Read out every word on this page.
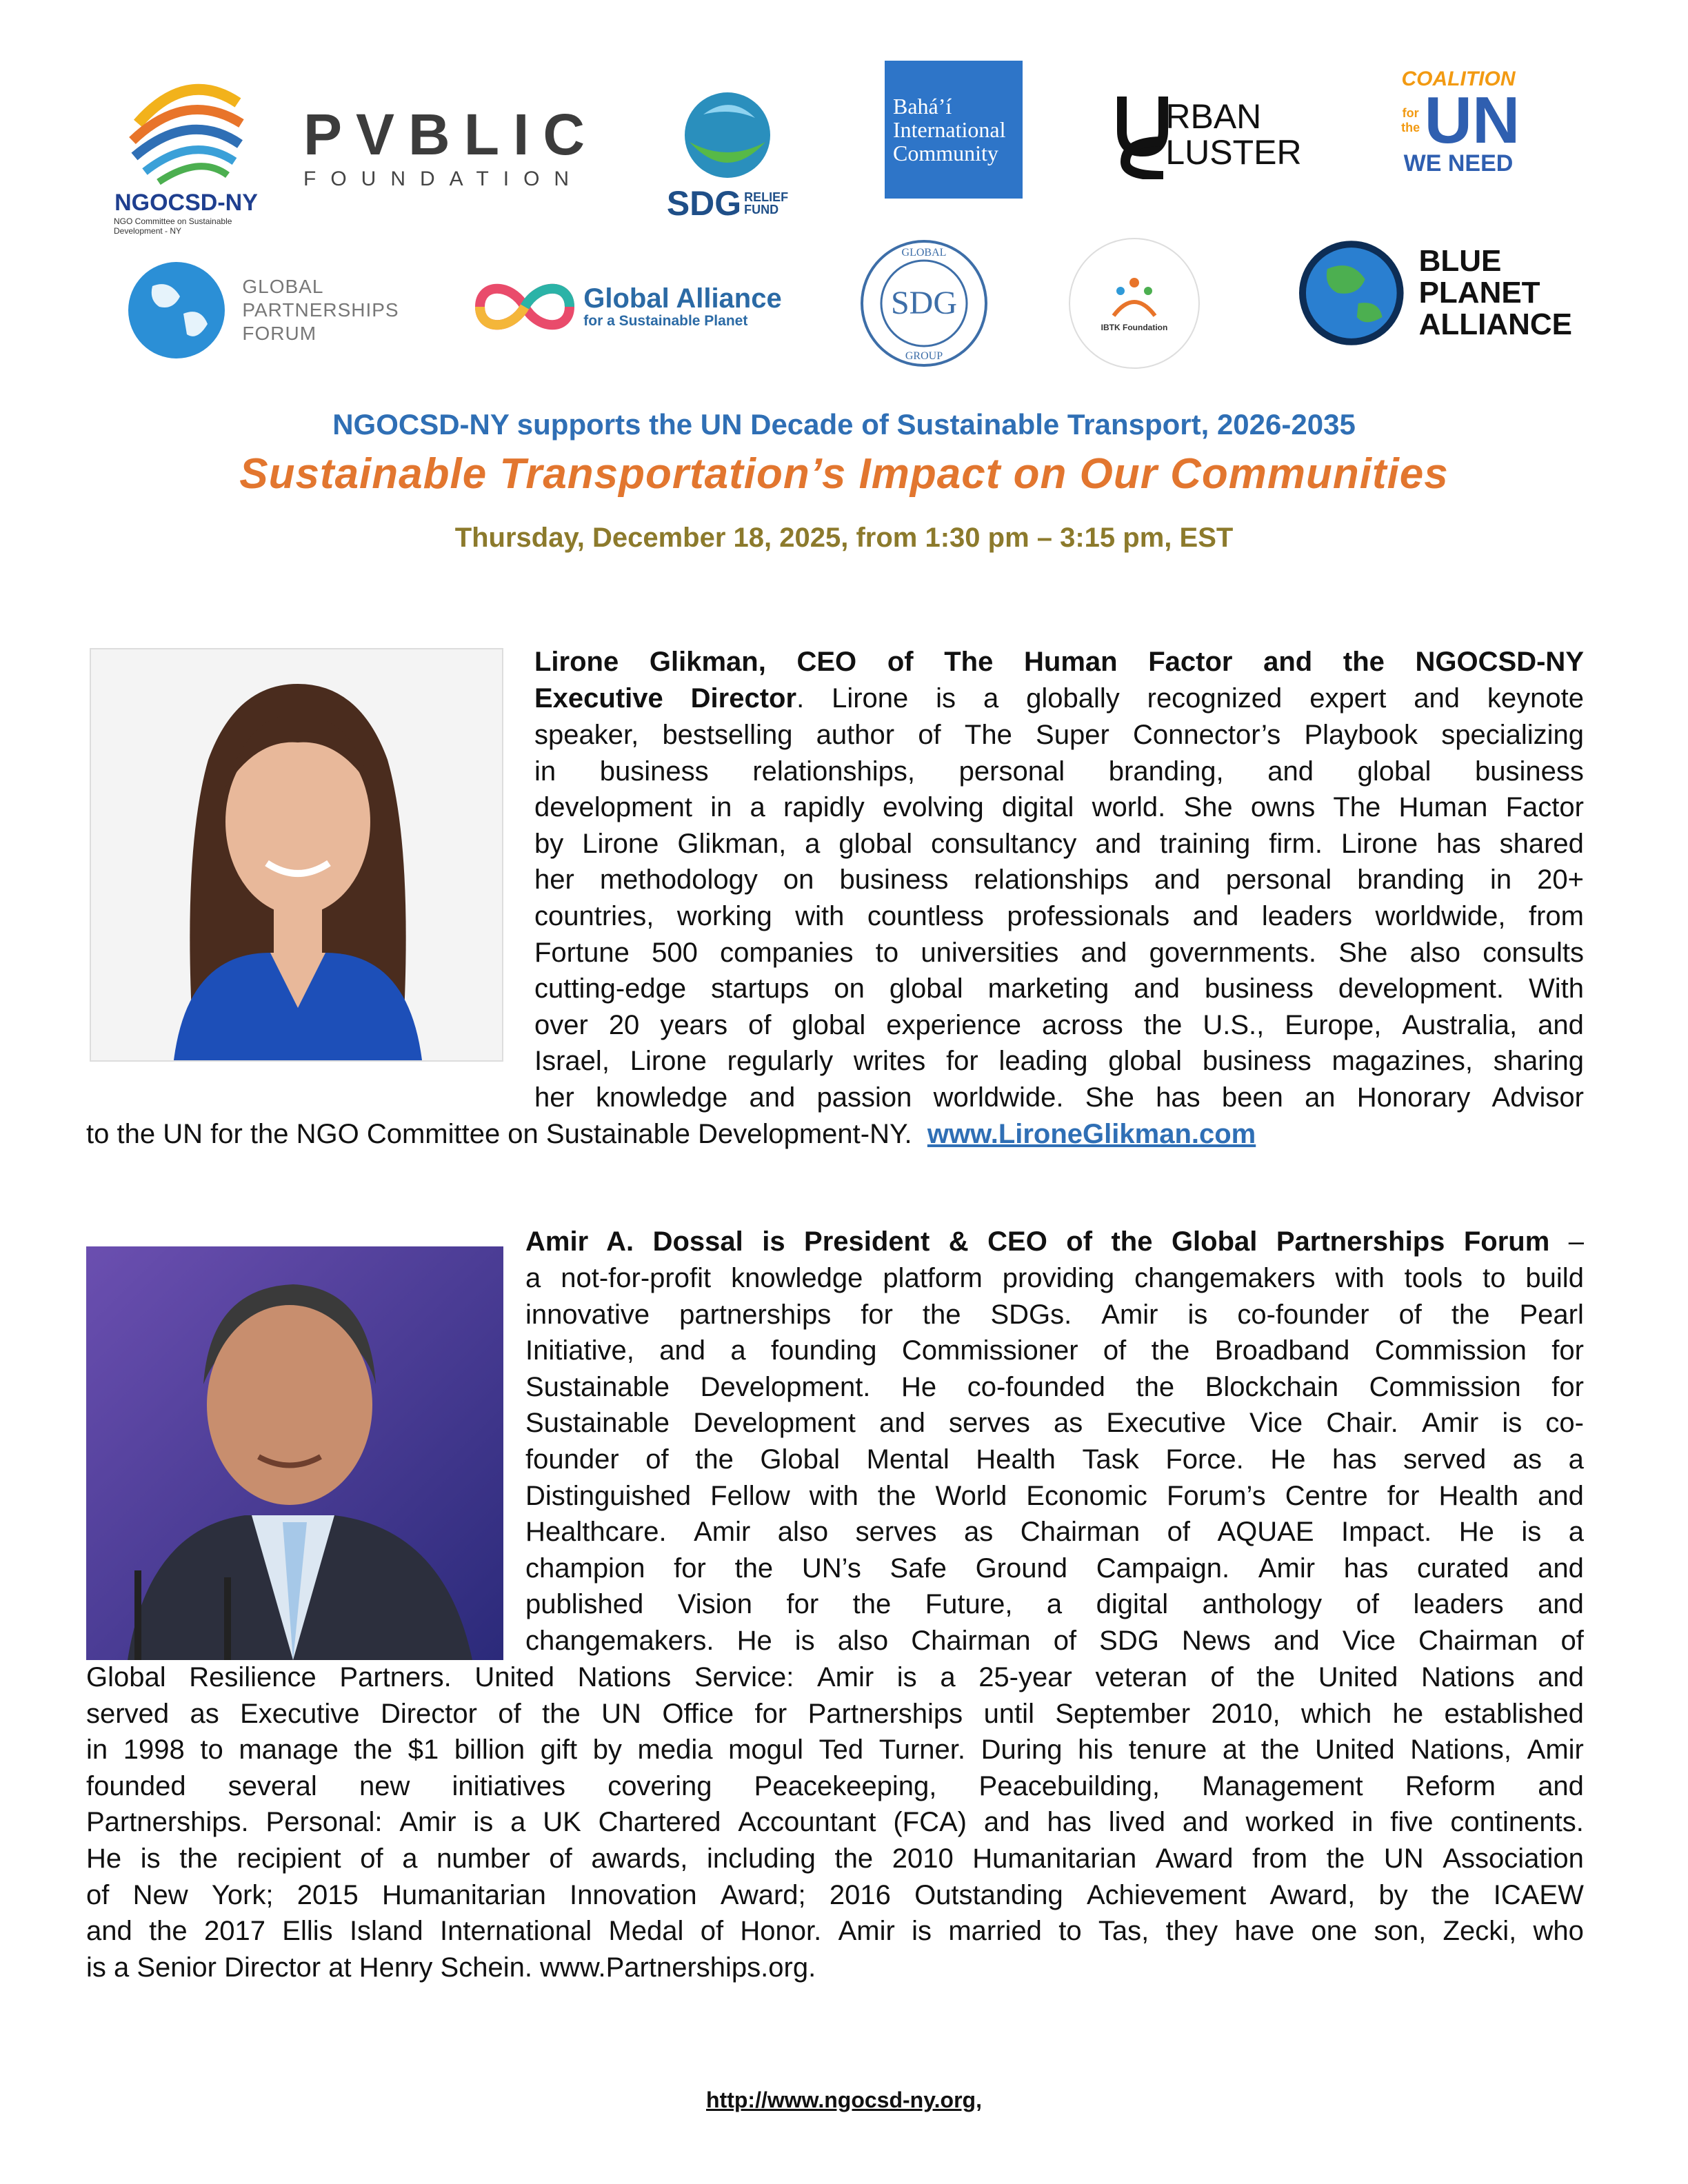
NGOCSD-NY
NGO Committee on Sustainable Development - NY
PVBLIC
FOUNDATION
SDG RELIEF
FUND
Bahá’í
International
Community
RBAN
LUSTER
COALITION
for the UN
WE NEED
GLOBAL
PARTNERSHIPS
FORUM
Global Alliance
for a Sustainable Planet	SDG
GLOBAL
GROUP
IBTK Foundation
BLUE
PLANET
ALLIANCE
NGOCSD-NY supports the UN Decade of Sustainable Transport, 2026-2035
Sustainable Transportation’s Impact on Our Communities
Thursday, December 18, 2025, from 1:30 pm – 3:15 pm, EST
Lirone Glikman, CEO of The Human Factor and the NGOCSD-NY
Executive Director. Lirone is a globally recognized expert and keynote
speaker, bestselling author of The Super Connector’s Playbook specializing
in business relationships, personal branding, and global business
development in a rapidly evolving digital world. She owns The Human Factor
by Lirone Glikman, a global consultancy and training firm. Lirone has shared
her methodology on business relationships and personal branding in 20+
countries, working with countless professionals and leaders worldwide, from
Fortune 500 companies to universities and governments. She also consults
cutting-edge startups on global marketing and business development. With
over 20 years of global experience across the U.S., Europe, Australia, and
Israel, Lirone regularly writes for leading global business magazines, sharing
her knowledge and passion worldwide. She has been an Honorary Advisor
to the UN for the NGO Committee on Sustainable Development-NY. www.LironeGlikman.com
Amir A. Dossal is President & CEO of the Global Partnerships Forum –
a not-for-profit knowledge platform providing changemakers with tools to build
innovative partnerships for the SDGs. Amir is co-founder of the Pearl
Initiative, and a founding Commissioner of the Broadband Commission for
Sustainable Development. He co-founded the Blockchain Commission for
Sustainable Development and serves as Executive Vice Chair. Amir is co-
founder of the Global Mental Health Task Force. He has served as a
Distinguished Fellow with the World Economic Forum’s Centre for Health and
Healthcare. Amir also serves as Chairman of AQUAE Impact. He is a
champion for the UN’s Safe Ground Campaign. Amir has curated and
published Vision for the Future, a digital anthology of leaders and
changemakers. He is also Chairman of SDG News and Vice Chairman of
Global Resilience Partners. United Nations Service: Amir is a 25-year veteran of the United Nations and
served as Executive Director of the UN Office for Partnerships until September 2010, which he established
in 1998 to manage the $1 billion gift by media mogul Ted Turner. During his tenure at the United Nations, Amir
founded several new initiatives covering Peacekeeping, Peacebuilding, Management Reform and
Partnerships. Personal: Amir is a UK Chartered Accountant (FCA) and has lived and worked in five continents.
He is the recipient of a number of awards, including the 2010 Humanitarian Award from the UN Association
of New York; 2015 Humanitarian Innovation Award; 2016 Outstanding Achievement Award, by the ICAEW
and the 2017 Ellis Island International Medal of Honor. Amir is married to Tas, they have one son, Zecki, who
is a Senior Director at Henry Schein. www.Partnerships.org.
http://www.ngocsd-ny.org,
